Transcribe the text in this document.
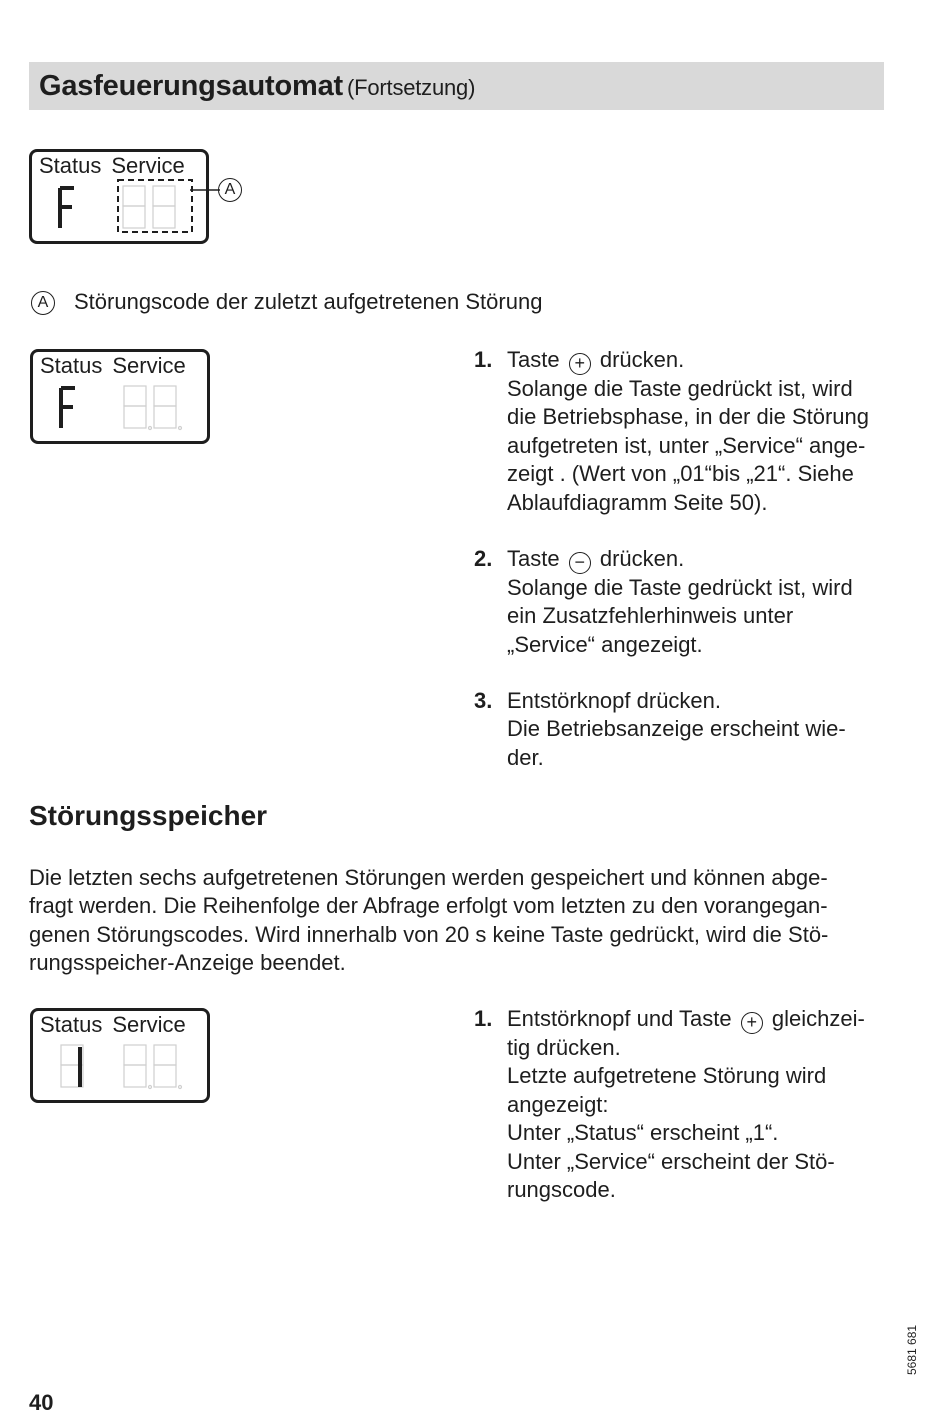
Gasfeuerungsautomat (Fortsetzung)
Status Service
A
A	Störungscode der zuletzt aufgetretenen Störung
Status Service	1. Taste + drücken.
Solange die Taste gedrückt ist, wird
die Betriebsphase, in der die Störung
aufgetreten ist, unter „Service“ ange-
zeigt . (Wert von „01“bis „21“. Siehe
Ablaufdiagramm Seite 50).
2. Taste − drücken.
Solange die Taste gedrückt ist, wird
ein Zusatzfehlerhinweis unter
„Service“ angezeigt.
3. Entstörknopf drücken.
Die Betriebsanzeige erscheint wie-
der.
Störungsspeicher
Die letzten sechs aufgetretenen Störungen werden gespeichert und können abge-
fragt werden. Die Reihenfolge der Abfrage erfolgt vom letzten zu den vorangegan-
genen Störungscodes. Wird innerhalb von 20 s keine Taste gedrückt, wird die Stö-
rungsspeicher-Anzeige beendet.
Status Service	1. Entstörknopf und Taste + gleichzei-
tig drücken.
Letzte aufgetretene Störung wird
angezeigt:
Unter „Status“ erscheint „1“.
Unter „Service“ erscheint der Stö-
rungscode.
40
5681 681
